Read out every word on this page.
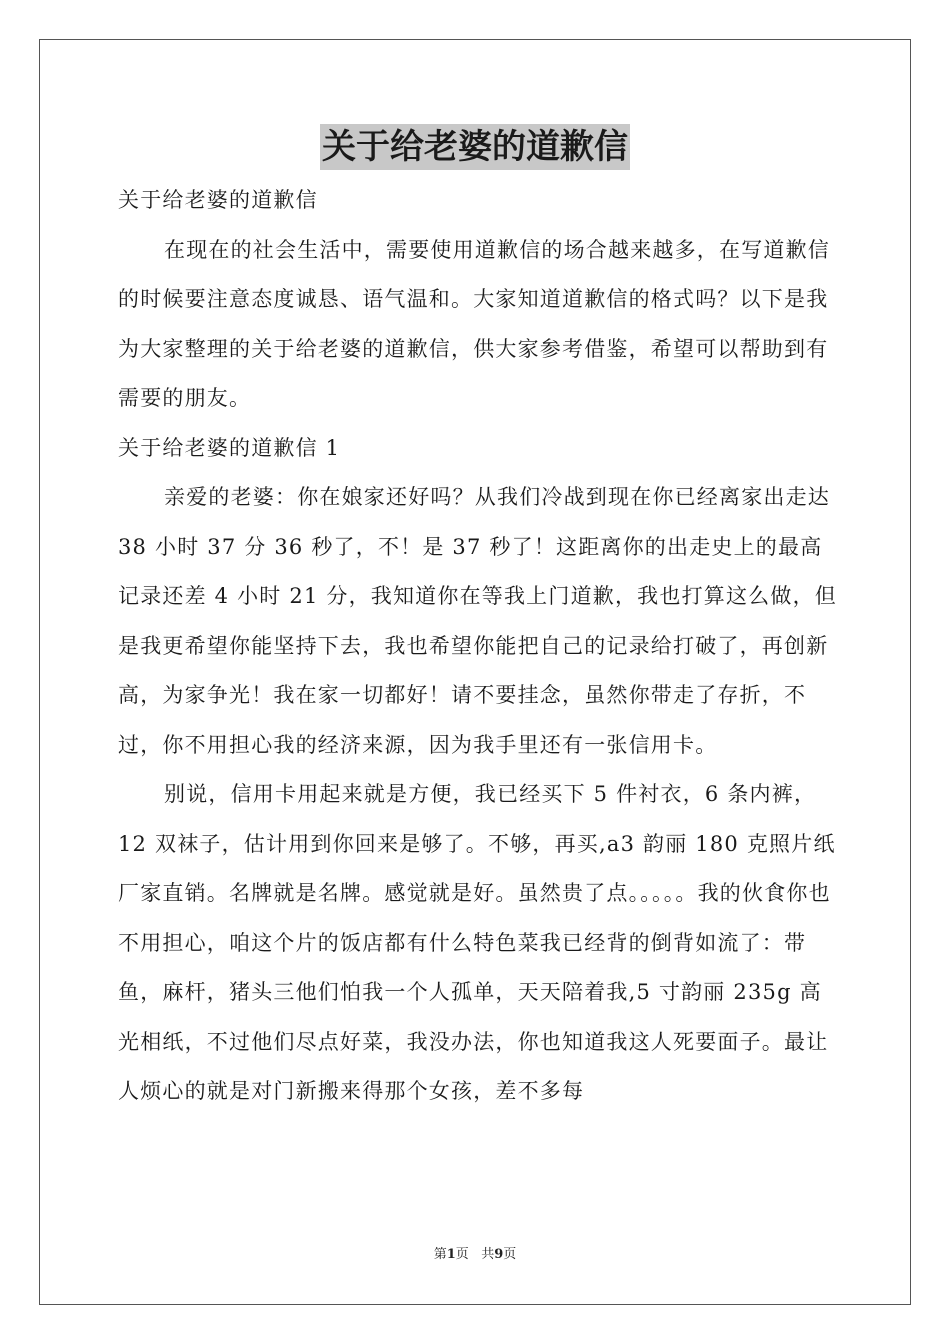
关于给老婆的道歉信

关于给老婆的道歉信

在现在的社会生活中，需要使用道歉信的场合越来越多，在写道歉信的时候要注意态度诚恳、语气温和。大家知道道歉信的格式吗？以下是我为大家整理的关于给老婆的道歉信，供大家参考借鉴，希望可以帮助到有需要的朋友。

关于给老婆的道歉信 1

亲爱的老婆：你在娘家还好吗？从我们冷战到现在你已经离家出走达 38 小时 37 分 36 秒了，不！是 37 秒了！这距离你的出走史上的最高记录还差 4 小时 21 分，我知道你在等我上门道歉，我也打算这么做，但是我更希望你能坚持下去，我也希望你能把自己的记录给打破了，再创新高，为家争光！我在家一切都好！请不要挂念，虽然你带走了存折，不过，你不用担心我的经济来源，因为我手里还有一张信用卡。

别说，信用卡用起来就是方便，我已经买下 5 件衬衣，6 条内裤，12 双袜子，估计用到你回来是够了。不够，再买,a3 韵丽 180 克照片纸厂家直销。名牌就是名牌。感觉就是好。虽然贵了点。。。。。我的伙食你也不用担心，咱这个片的饭店都有什么特色菜我已经背的倒背如流了：带鱼，麻杆，猪头三他们怕我一个人孤单，天天陪着我,5 寸韵丽 235g 高光相纸，不过他们尽点好菜，我没办法，你也知道我这人死要面子。最让人烦心的就是对门新搬来得那个女孩，差不多每

第1页   共9页
